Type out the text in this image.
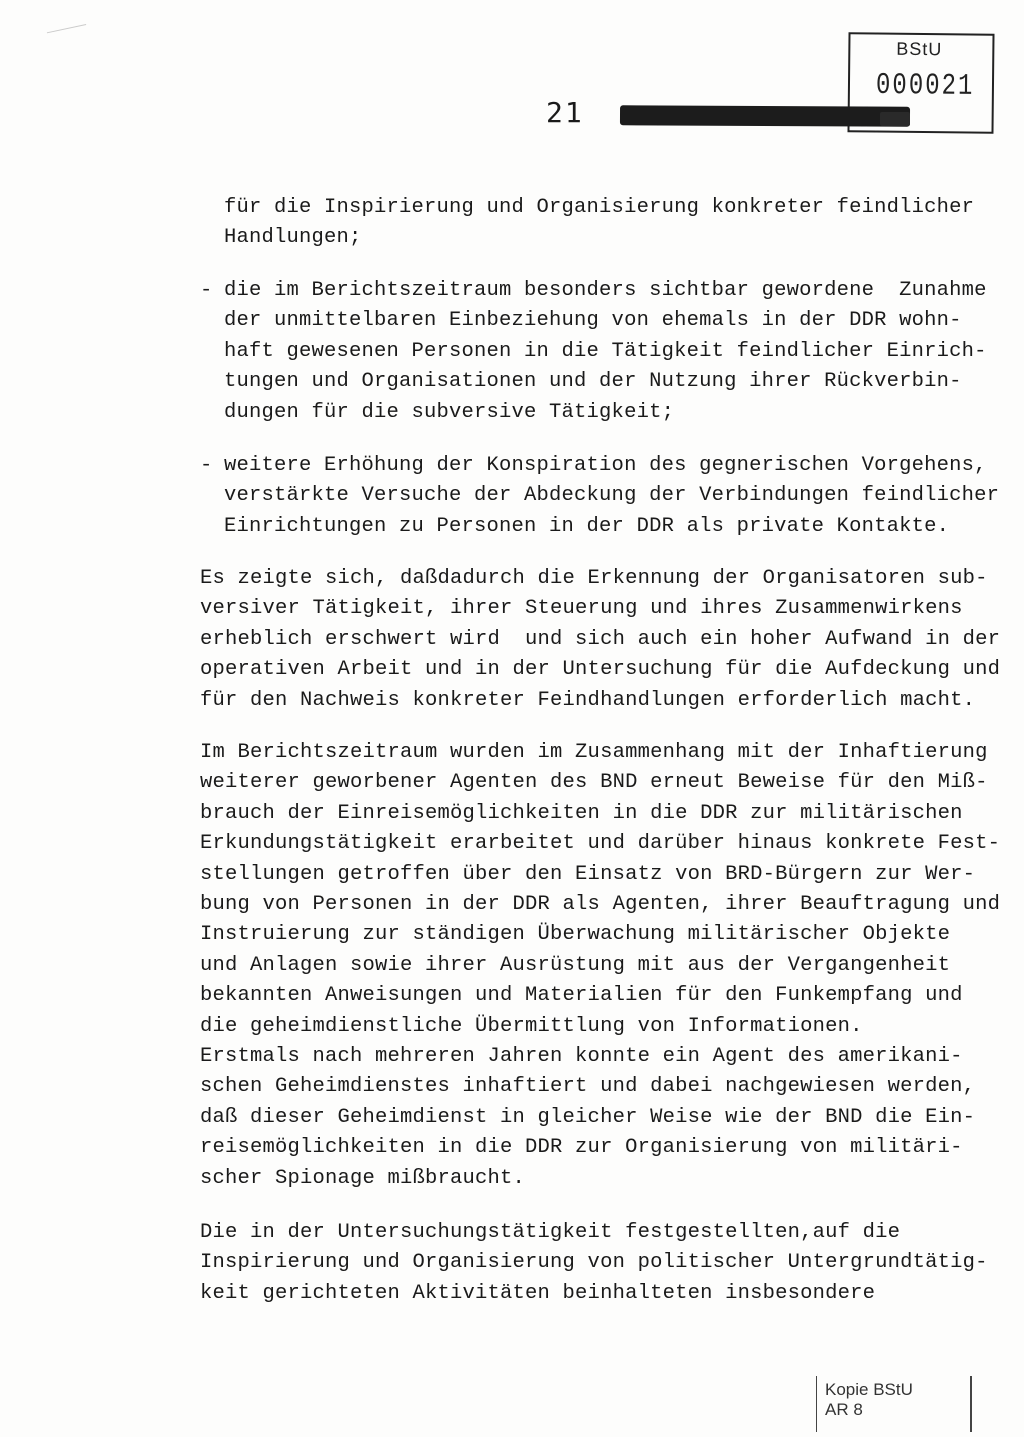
BStU
000021
21
für die Inspirierung und Organisierung konkreter feindlicher
Handlungen;
- die im Berichtszeitraum besonders sichtbar gewordene  Zunahme
der unmittelbaren Einbeziehung von ehemals in der DDR wohn-
haft gewesenen Personen in die Tätigkeit feindlicher Einrich-
tungen und Organisationen und der Nutzung ihrer Rückverbin-
dungen für die subversive Tätigkeit;
- weitere Erhöhung der Konspiration des gegnerischen Vorgehens,
verstärkte Versuche der Abdeckung der Verbindungen feindlicher
Einrichtungen zu Personen in der DDR als private Kontakte.
Es zeigte sich, daßdadurch die Erkennung der Organisatoren sub-
versiver Tätigkeit, ihrer Steuerung und ihres Zusammenwirkens
erheblich erschwert wird  und sich auch ein hoher Aufwand in der
operativen Arbeit und in der Untersuchung für die Aufdeckung und
für den Nachweis konkreter Feindhandlungen erforderlich macht.
Im Berichtszeitraum wurden im Zusammenhang mit der Inhaftierung
weiterer geworbener Agenten des BND erneut Beweise für den Miß-
brauch der Einreisemöglichkeiten in die DDR zur militärischen
Erkundungstätigkeit erarbeitet und darüber hinaus konkrete Fest-
stellungen getroffen über den Einsatz von BRD-Bürgern zur Wer-
bung von Personen in der DDR als Agenten, ihrer Beauftragung und
Instruierung zur ständigen Überwachung militärischer Objekte
und Anlagen sowie ihrer Ausrüstung mit aus der Vergangenheit
bekannten Anweisungen und Materialien für den Funkempfang und
die geheimdienstliche Übermittlung von Informationen.
Erstmals nach mehreren Jahren konnte ein Agent des amerikani-
schen Geheimdienstes inhaftiert und dabei nachgewiesen werden,
daß dieser Geheimdienst in gleicher Weise wie der BND die Ein-
reisemöglichkeiten in die DDR zur Organisierung von militäri-
scher Spionage mißbraucht.
Die in der Untersuchungstätigkeit festgestellten,auf die
Inspirierung und Organisierung von politischer Untergrundtätig-
keit gerichteten Aktivitäten beinhalteten insbesondere
Kopie BStU
AR 8
